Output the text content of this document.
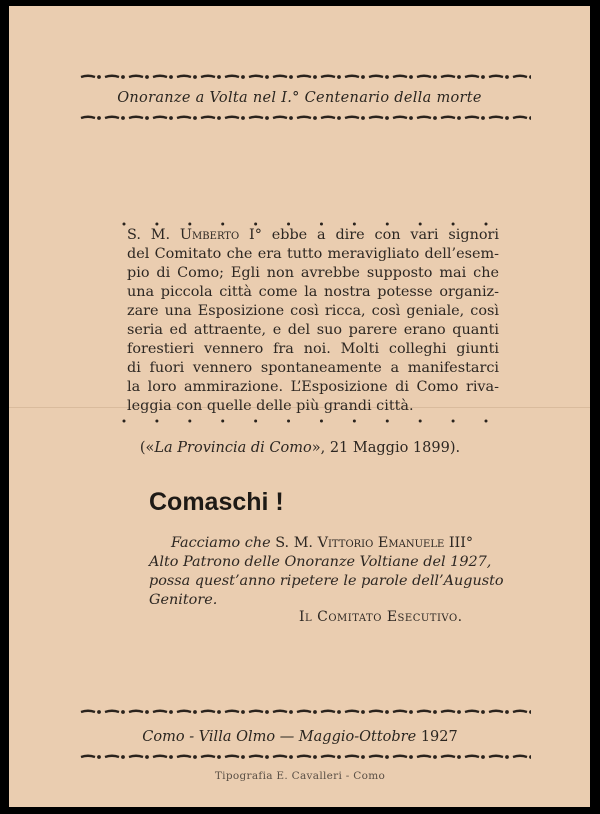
Onoranze a Volta nel I.° Centenario della morte
S. M. Umberto I° ebbe a dire con vari signori
del Comitato che era tutto meravigliato dell’esem-
pio di Como; Egli non avrebbe supposto mai che
una piccola città come la nostra potesse organiz-
zare una Esposizione così ricca, così geniale, così
seria ed attraente, e del suo parere erano quanti
forestieri vennero fra noi. Molti colleghi giunti
di fuori vennero spontaneamente a manifestarci
la loro ammirazione. L’Esposizione di Como riva-
leggia con quelle delle più grandi città.
(«La Provincia di Como», 21 Maggio 1899).
Comaschi !
Facciamo che S. M. Vittorio Emanuele III°
Alto Patrono delle Onoranze Voltiane del 1927,
possa quest’anno ripetere le parole dell’Augusto
Genitore.
Il Comitato Esecutivo.
Como - Villa Olmo — Maggio-Ottobre 1927
Tipografia E. Cavalleri - Como
